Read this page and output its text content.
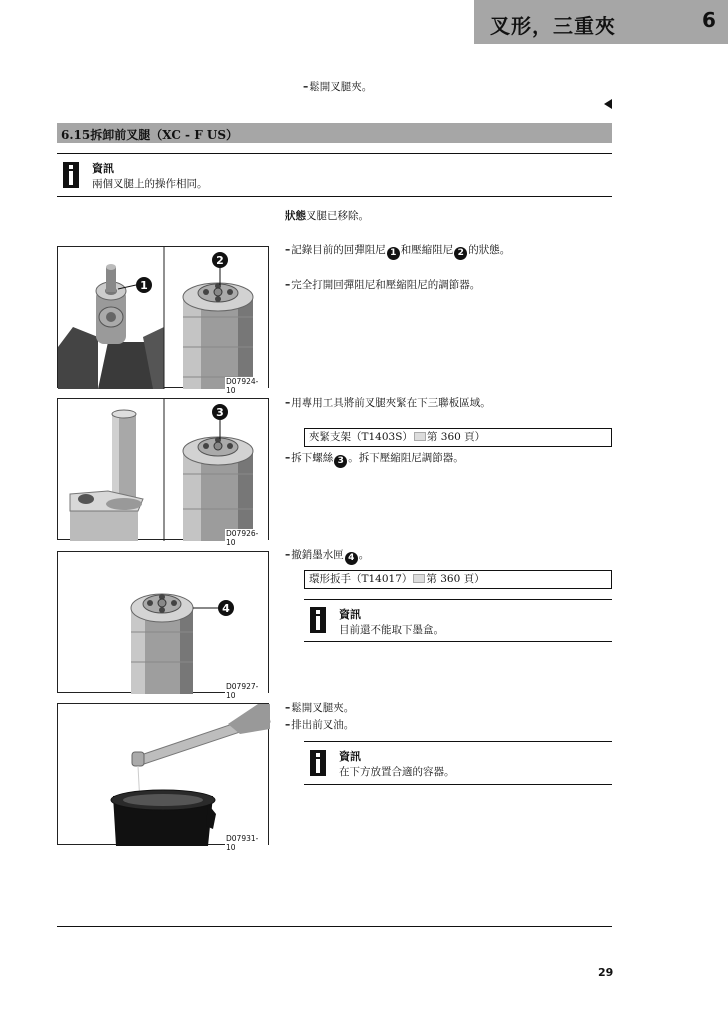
叉形，三重夾	6
–鬆開叉腿夾。
6.15拆卸前叉腿（XC - F US）
資訊
兩個叉腿上的操作相同。
狀態叉腿已移除。
–記錄目前的回彈阻尼 1 和壓縮阻尼 2 的狀態。
–完全打開回彈阻尼和壓縮阻尼的調節器。
1
2
D07924-10
–用專用工具將前叉腿夾緊在下三聯板區域。
夾緊支架（T1403S） 第 360 頁）
–拆下螺絲 3 。拆下壓縮阻尼調節器。
3
D07926-10
–撤銷墨水匣 4 。
環形扳手（T14017） 第 360 頁）
資訊
目前還不能取下墨盒。
4
D07927-10
–鬆開叉腿夾。
–排出前叉油。
資訊
在下方放置合適的容器。
D07931-10
29
